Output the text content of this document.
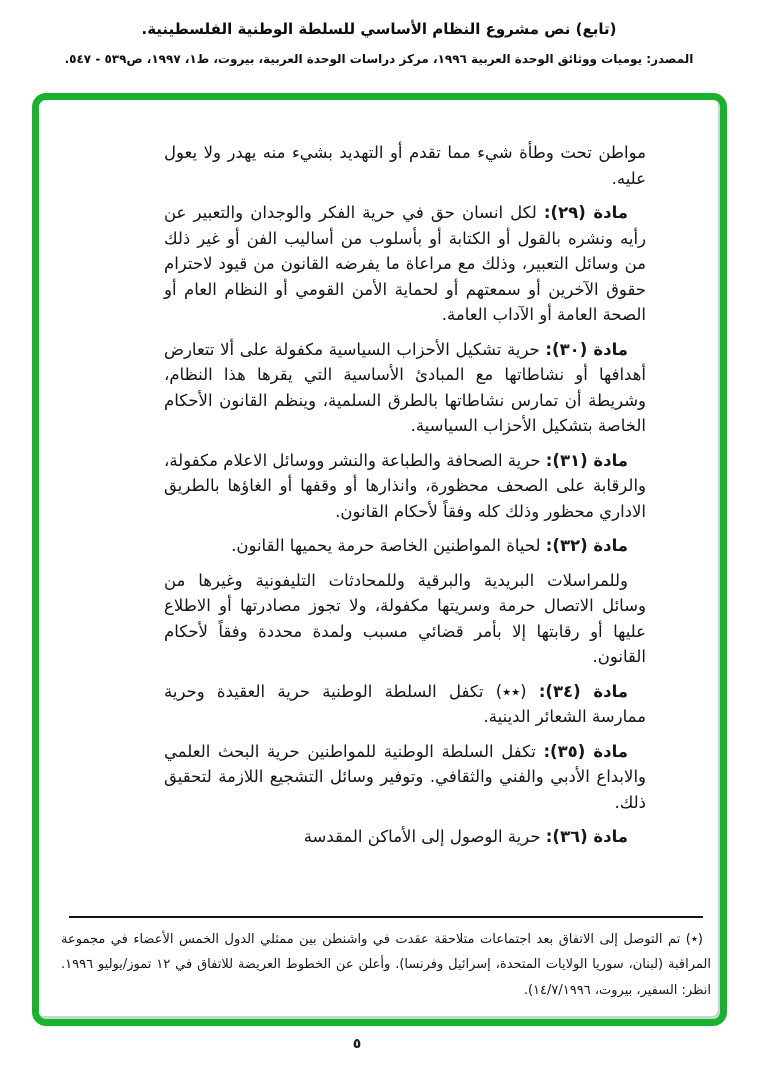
(تابع) نص مشروع النظام الأساسي للسلطة الوطنية الفلسطينية.
المصدر: يوميات ووثائق الوحدة العربية ١٩٩٦، مركز دراسات الوحدة العربية، بيروت، ط١، ١٩٩٧، ص٥٣٩ - ٥٤٧.

مواطن تحت وطأة شيء مما تقدم أو التهديد بشيء منه يهدر ولا يعول عليه.

مادة (٢٩): لكل انسان حق في حرية الفكر والوجدان والتعبير عن رأيه ونشره بالقول أو الكتابة أو بأسلوب من أساليب الفن أو غير ذلك من وسائل التعبير، وذلك مع مراعاة ما يفرضه القانون من قيود لاحترام حقوق الآخرين أو سمعتهم أو لحماية الأمن القومي أو النظام العام أو الصحة العامة أو الآداب العامة.

مادة (٣٠): حرية تشكيل الأحزاب السياسية مكفولة على ألا تتعارض أهدافها أو نشاطاتها مع المبادئ الأساسية التي يقرها هذا النظام، وشريطة أن تمارس نشاطاتها بالطرق السلمية، وينظم القانون الأحكام الخاصة بتشكيل الأحزاب السياسية.

مادة (٣١): حرية الصحافة والطباعة والنشر ووسائل الاعلام مكفولة، والرقابة على الصحف محظورة، وانذارها أو وقفها أو الغاؤها بالطريق الاداري محظور وذلك كله وفقاً لأحكام القانون.

مادة (٣٢): لحياة المواطنين الخاصة حرمة يحميها القانون.

وللمراسلات البريدية والبرقية وللمحادثات التليفونية وغيرها من وسائل الاتصال حرمة وسريتها مكفولة، ولا تجوز مصادرتها أو الاطلاع عليها أو رقابتها إلا بأمر قضائي مسبب ولمدة محددة وفقاً لأحكام القانون.

مادة (٣٤): (٭٭) تكفل السلطة الوطنية حرية العقيدة وحرية ممارسة الشعائر الدينية.

مادة (٣٥): تكفل السلطة الوطنية للمواطنين حرية البحث العلمي والابداع الأدبي والفني والثقافي. وتوفير وسائل التشجيع اللازمة لتحقيق ذلك.

مادة (٣٦): حرية الوصول إلى الأماكن المقدسة

(٭) تم التوصل إلى الاتفاق بعد اجتماعات متلاحقة عقدت في واشنطن بين ممثلي الدول الخمس الأعضاء في مجموعة المراقبة (لبنان، سوريا الولايات المتحدة، إسرائيل وفرنسا). وأعلن عن الخطوط العريضة للاتفاق في ١٢ تموز/يوليو ١٩٩٦. انظر: السفير، بيروت، ١٤/٧/١٩٩٦).

٥
